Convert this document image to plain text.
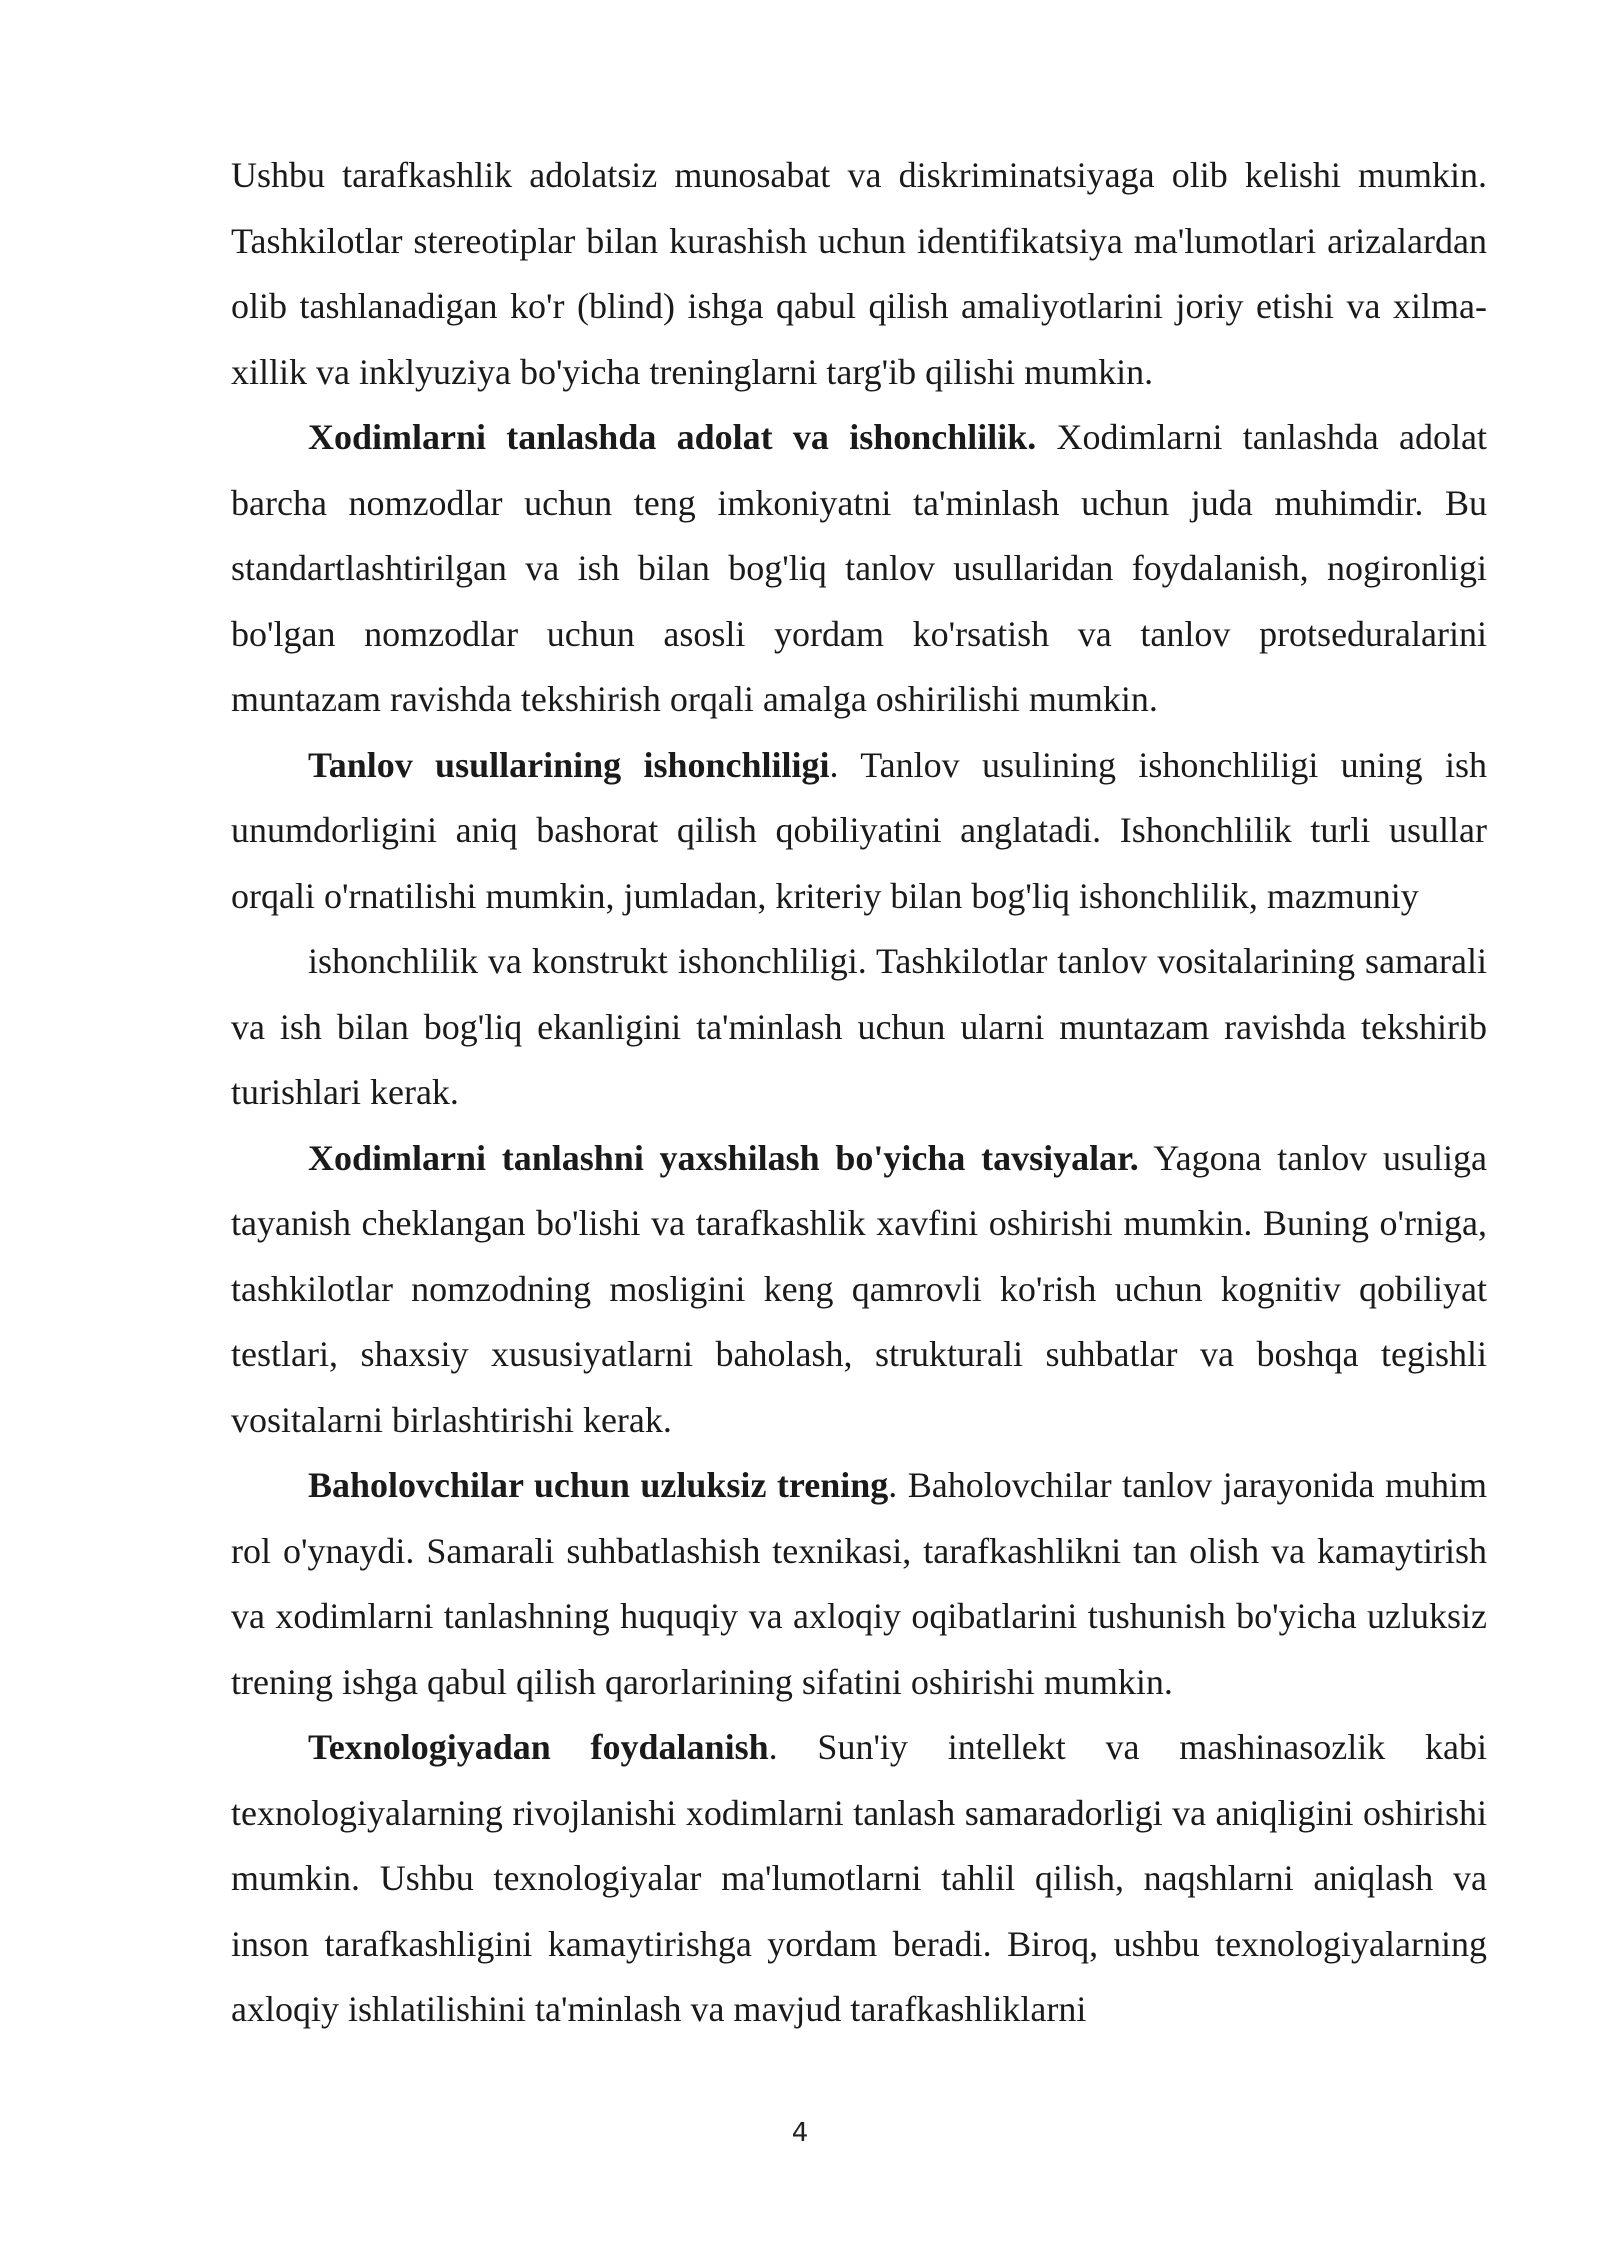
Ushbu tarafkashlik adolatsiz munosabat va diskriminatsiyaga olib kelishi mumkin. Tashkilotlar stereotiplar bilan kurashish uchun identifikatsiya ma'lumotlari arizalardan olib tashlanadigan ko'r (blind) ishga qabul qilish amaliyotlarini joriy etishi va xilma-xillik va inklyuziya bo'yicha treninglarni targ'ib qilishi mumkin.

Xodimlarni tanlashda adolat va ishonchlilik. Xodimlarni tanlashda adolat barcha nomzodlar uchun teng imkoniyatni ta'minlash uchun juda muhimdir. Bu standartlashtirilgan va ish bilan bog'liq tanlov usullaridan foydalanish, nogironligi bo'lgan nomzodlar uchun asosli yordam ko'rsatish va tanlov protseduralarini muntazam ravishda tekshirish orqali amalga oshirilishi mumkin.

Tanlov usullarining ishonchliligi. Tanlov usulining ishonchliligi uning ish unumdorligini aniq bashorat qilish qobiliyatini anglatadi. Ishonchlilik turli usullar orqali o'rnatilishi mumkin, jumladan, kriteriy bilan bog'liq ishonchlilik, mazmuniy

ishonchlilik va konstrukt ishonchliligi. Tashkilotlar tanlov vositalarining samarali va ish bilan bog'liq ekanligini ta'minlash uchun ularni muntazam ravishda tekshirib turishlari kerak.

Xodimlarni tanlashni yaxshilash bo'yicha tavsiyalar. Yagona tanlov usuliga tayanish cheklangan bo'lishi va tarafkashlik xavfini oshirishi mumkin. Buning o'rniga, tashkilotlar nomzodning mosligini keng qamrovli ko'rish uchun kognitiv qobiliyat testlari, shaxsiy xususiyatlarni baholash, strukturali suhbatlar va boshqa tegishli vositalarni birlashtirishi kerak.

Baholovchilar uchun uzluksiz trening. Baholovchilar tanlov jarayonida muhim rol o'ynaydi. Samarali suhbatlashish texnikasi, tarafkashlikni tan olish va kamaytirish va xodimlarni tanlashning huquqiy va axloqiy oqibatlarini tushunish bo'yicha uzluksiz trening ishga qabul qilish qarorlarining sifatini oshirishi mumkin.

Texnologiyadan foydalanish. Sun'iy intellekt va mashinasozlik kabi texnologiyalarning rivojlanishi xodimlarni tanlash samaradorligi va aniqligini oshirishi mumkin. Ushbu texnologiyalar ma'lumotlarni tahlil qilish, naqshlarni aniqlash va inson tarafkashligini kamaytirishga yordam beradi. Biroq, ushbu texnologiyalarning axloqiy ishlatilishini ta'minlash va mavjud tarafkashliklarni

4
